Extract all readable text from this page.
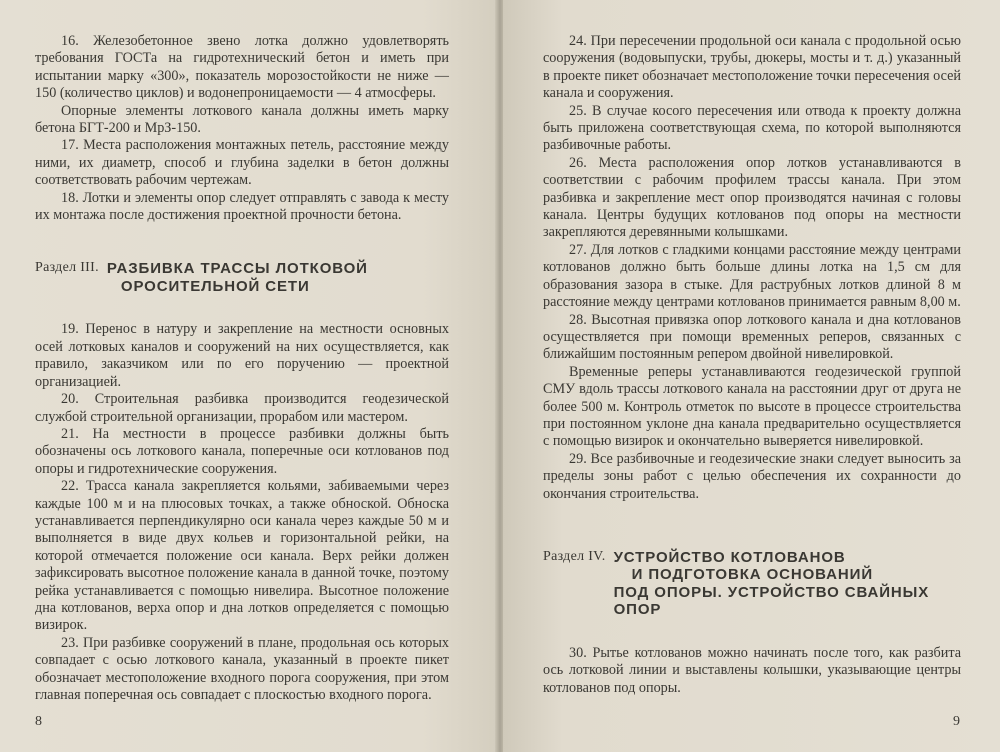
16. Железобетонное звено лотка должно удовлетворять требования ГОСТа на гидротехнический бетон и иметь при испытании марку «300», показатель морозостойкости не ниже — 150 (количество циклов) и водонепроницаемости — 4 атмосферы.

Опорные элементы лоткового канала должны иметь марку бетона БГТ-200 и МрЗ-150.

17. Места расположения монтажных петель, расстояние между ними, их диаметр, способ и глубина заделки в бетон должны соответствовать рабочим чертежам.

18. Лотки и элементы опор следует отправлять с завода к месту их монтажа после достижения проектной прочности бетона.

Раздел III. РАЗБИВКА ТРАССЫ ЛОТКОВОЙ
ОРОСИТЕЛЬНОЙ СЕТИ

19. Перенос в натуру и закрепление на местности основных осей лотковых каналов и сооружений на них осуществляется, как правило, заказчиком или по его поручению — проектной организацией.

20. Строительная разбивка производится геодезической службой строительной организации, прорабом или мастером.

21. На местности в процессе разбивки должны быть обозначены ось лоткового канала, поперечные оси котлованов под опоры и гидротехнические сооружения.

22. Трасса канала закрепляется кольями, забиваемыми через каждые 100 м и на плюсовых точках, а также обноской. Обноска устанавливается перпендикулярно оси канала через каждые 50 м и выполняется в виде двух кольев и горизонтальной рейки, на которой отмечается положение оси канала. Верх рейки должен зафиксировать высотное положение канала в данной точке, поэтому рейка устанавливается с помощью нивелира. Высотное положение дна котлованов, верха опор и дна лотков определяется с помощью визирок.

23. При разбивке сооружений в плане, продольная ось которых совпадает с осью лоткового канала, указанный в проекте пикет обозначает местоположение входного порога сооружения, при этом главная поперечная ось совпадает с плоскостью входного порога.

8

24. При пересечении продольной оси канала с продольной осью сооружения (водовыпуски, трубы, дюкеры, мосты и т. д.) указанный в проекте пикет обозначает местоположение точки пересечения осей канала и сооружения.

25. В случае косого пересечения или отвода к проекту должна быть приложена соответствующая схема, по которой выполняются разбивочные работы.

26. Места расположения опор лотков устанавливаются в соответствии с рабочим профилем трассы канала. При этом разбивка и закрепление мест опор производятся начиная с головы канала. Центры будущих котлованов под опоры на местности закрепляются деревянными колышками.

27. Для лотков с гладкими концами расстояние между центрами котлованов должно быть больше длины лотка на 1,5 см для образования зазора в стыке. Для раструбных лотков длиной 8 м расстояние между центрами котлованов принимается равным 8,00 м.

28. Высотная привязка опор лоткового канала и дна котлованов осуществляется при помощи временных реперов, связанных с ближайшим постоянным репером двойной нивелировкой.

Временные реперы устанавливаются геодезической группой СМУ вдоль трассы лоткового канала на расстоянии друг от друга не более 500 м. Контроль отметок по высоте в процессе строительства при постоянном уклоне дна канала предварительно осуществляется с помощью визирок и окончательно выверяется нивелировкой.

29. Все разбивочные и геодезические знаки следует выносить за пределы зоны работ с целью обеспечения их сохранности до окончания строительства.

Раздел IV. УСТРОЙСТВО КОТЛОВАНОВ
И ПОДГОТОВКА ОСНОВАНИЙ
ПОД ОПОРЫ. УСТРОЙСТВО СВАЙНЫХ
ОПОР

30. Рытье котлованов можно начинать после того, как разбита ось лотковой линии и выставлены колышки, указывающие центры котлованов под опоры.

9
